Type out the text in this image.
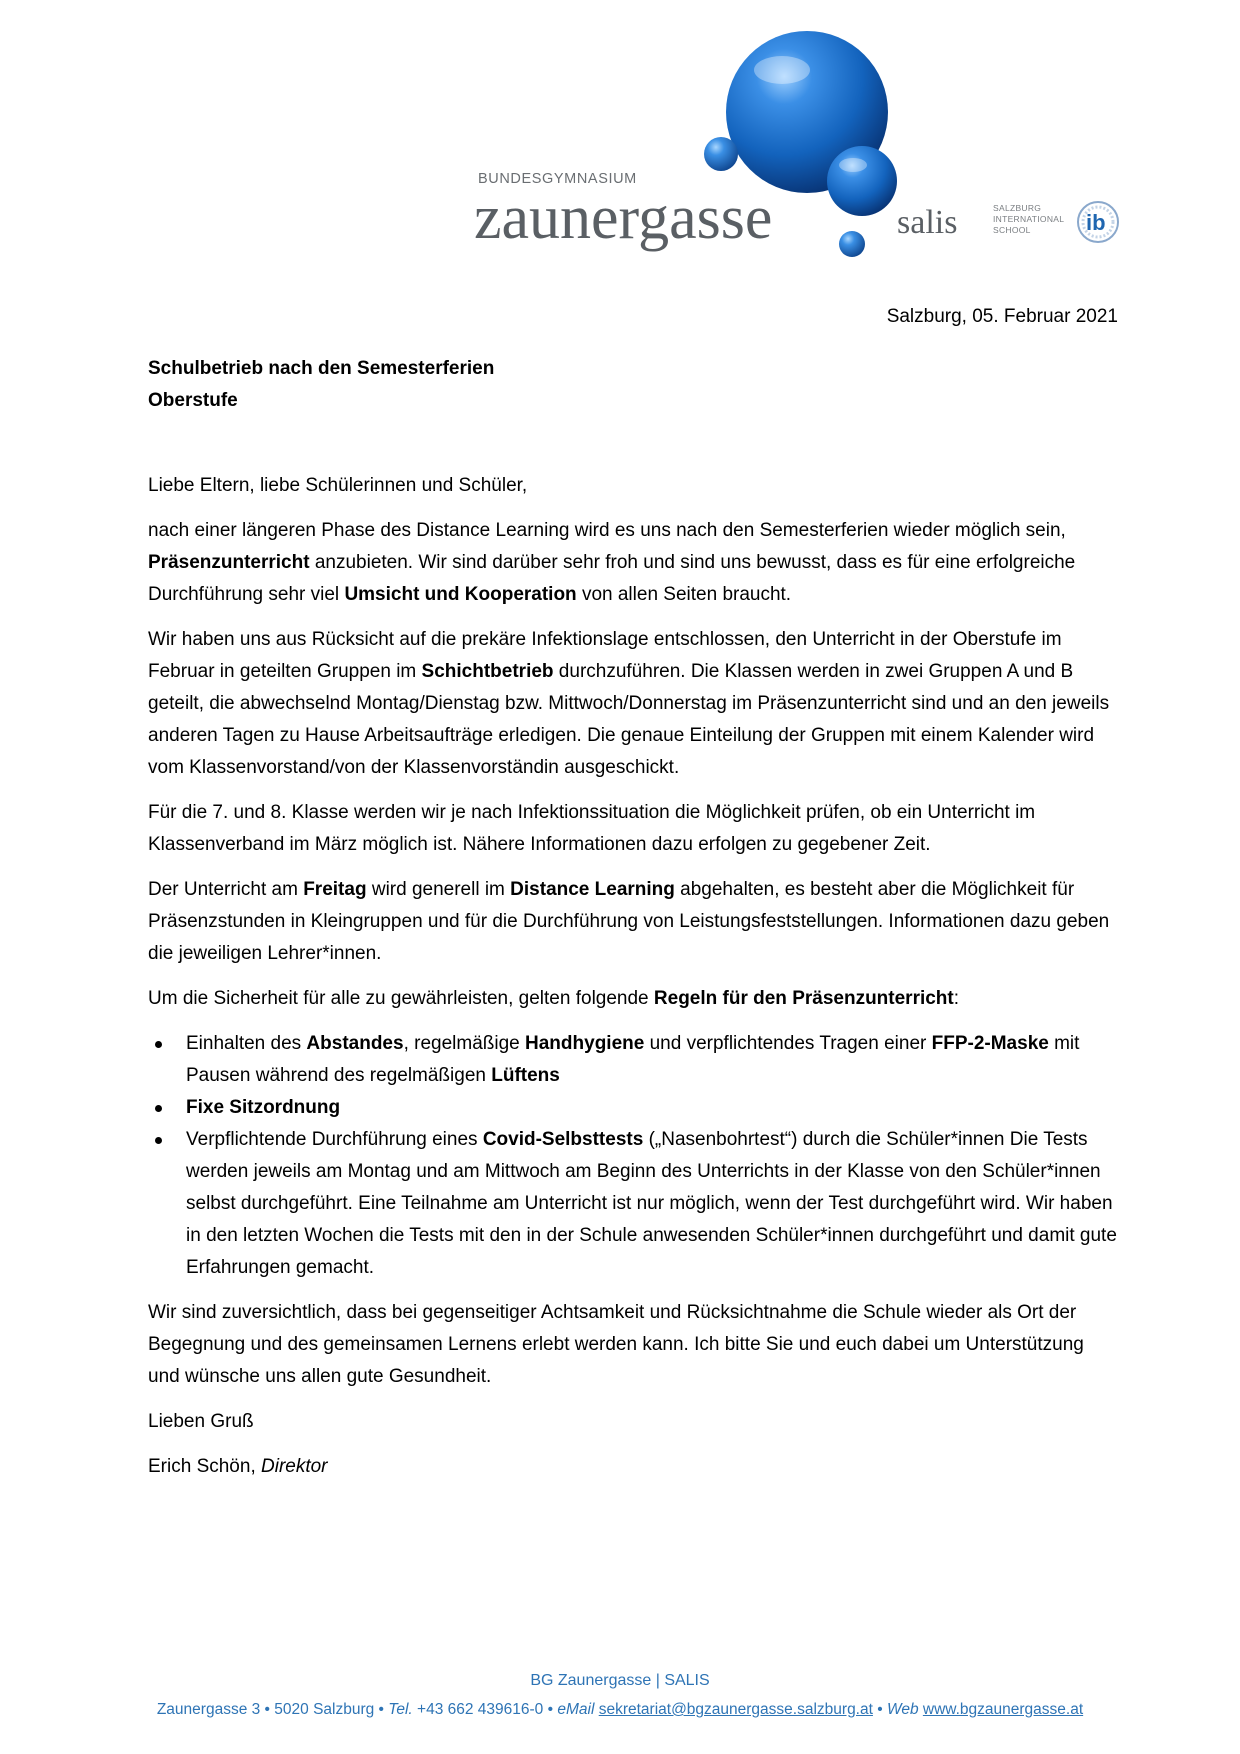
BUNDESGYMNASIUM
zaunergasse	salis	SALZBURG
INTERNATIONAL
SCHOOL	ib
Salzburg, 05. Februar 2021
Schulbetrieb nach den Semesterferien
Oberstufe

Liebe Eltern, liebe Schülerinnen und Schüler,

nach einer längeren Phase des Distance Learning wird es uns nach den Semesterferien wieder möglich sein, Präsenzunterricht anzubieten. Wir sind darüber sehr froh und sind uns bewusst, dass es für eine erfolgreiche Durchführung sehr viel Umsicht und Kooperation von allen Seiten braucht.

Wir haben uns aus Rücksicht auf die prekäre Infektionslage entschlossen, den Unterricht in der Oberstufe im Februar in geteilten Gruppen im Schichtbetrieb durchzuführen. Die Klassen werden in zwei Gruppen A und B geteilt, die abwechselnd Montag/Dienstag bzw. Mittwoch/Donnerstag im Präsenzunterricht sind und an den jeweils anderen Tagen zu Hause Arbeitsaufträge erledigen. Die genaue Einteilung der Gruppen mit einem Kalender wird vom Klassenvorstand/von der Klassenvorständin ausgeschickt.

Für die 7. und 8. Klasse werden wir je nach Infektionssituation die Möglichkeit prüfen, ob ein Unterricht im Klassenverband im März möglich ist. Nähere Informationen dazu erfolgen zu gegebener Zeit.

Der Unterricht am Freitag wird generell im Distance Learning abgehalten, es besteht aber die Möglichkeit für Präsenzstunden in Kleingruppen und für die Durchführung von Leistungsfeststellungen. Informationen dazu geben die jeweiligen Lehrer*innen.

Um die Sicherheit für alle zu gewährleisten, gelten folgende Regeln für den Präsenzunterricht:

Einhalten des Abstandes, regelmäßige Handhygiene und verpflichtendes Tragen einer FFP-2-Maske mit Pausen während des regelmäßigen Lüftens
Fixe Sitzordnung
Verpflichtende Durchführung eines Covid-Selbsttests („Nasenbohrtest“) durch die Schüler*innen Die Tests werden jeweils am Montag und am Mittwoch am Beginn des Unterrichts in der Klasse von den Schüler*innen selbst durchgeführt. Eine Teilnahme am Unterricht ist nur möglich, wenn der Test durchgeführt wird. Wir haben in den letzten Wochen die Tests mit den in der Schule anwesenden Schüler*innen durchgeführt und damit gute Erfahrungen gemacht.

Wir sind zuversichtlich, dass bei gegenseitiger Achtsamkeit und Rücksichtnahme die Schule wieder als Ort der Begegnung und des gemeinsamen Lernens erlebt werden kann. Ich bitte Sie und euch dabei um Unterstützung und wünsche uns allen gute Gesundheit.

Lieben Gruß

Erich Schön, Direktor

BG Zaunergasse | SALIS
Zaunergasse 3 • 5020 Salzburg • Tel. +43 662 439616-0 • eMail sekretariat@bgzaunergasse.salzburg.at • Web www.bgzaunergasse.at
